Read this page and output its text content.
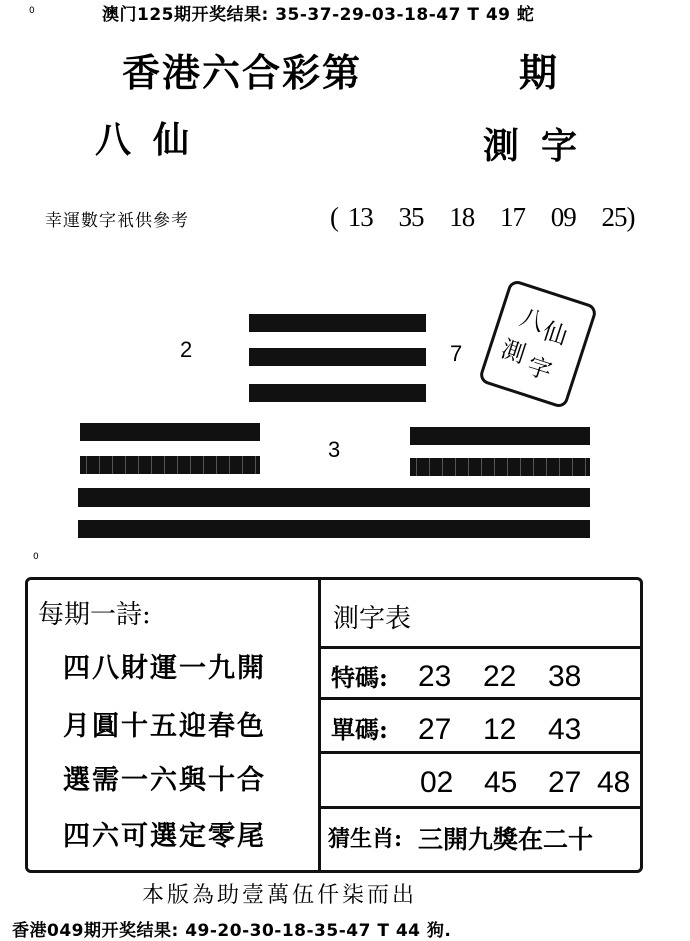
0
0
澳门125期开奖结果: 35-37-29-03-18-47 T 49 蛇
香港六合彩第	期
八仙	測字
幸運數字衹供參考	( 13 35 18 17 09 25)
2	7
3
八
仙
測
字
每期一詩:
四八財運一九開
月圓十五迎春色
選需一六與十合
四六可選定零尾
測字表
特碼: 23 22 38
單碼: 27 12 43
02 45 27 48
猜生肖: 三開九獎在二十
本版為助壹萬伍仟柒而出
香港049期开奖结果: 49-20-30-18-35-47 T 44 狗.
